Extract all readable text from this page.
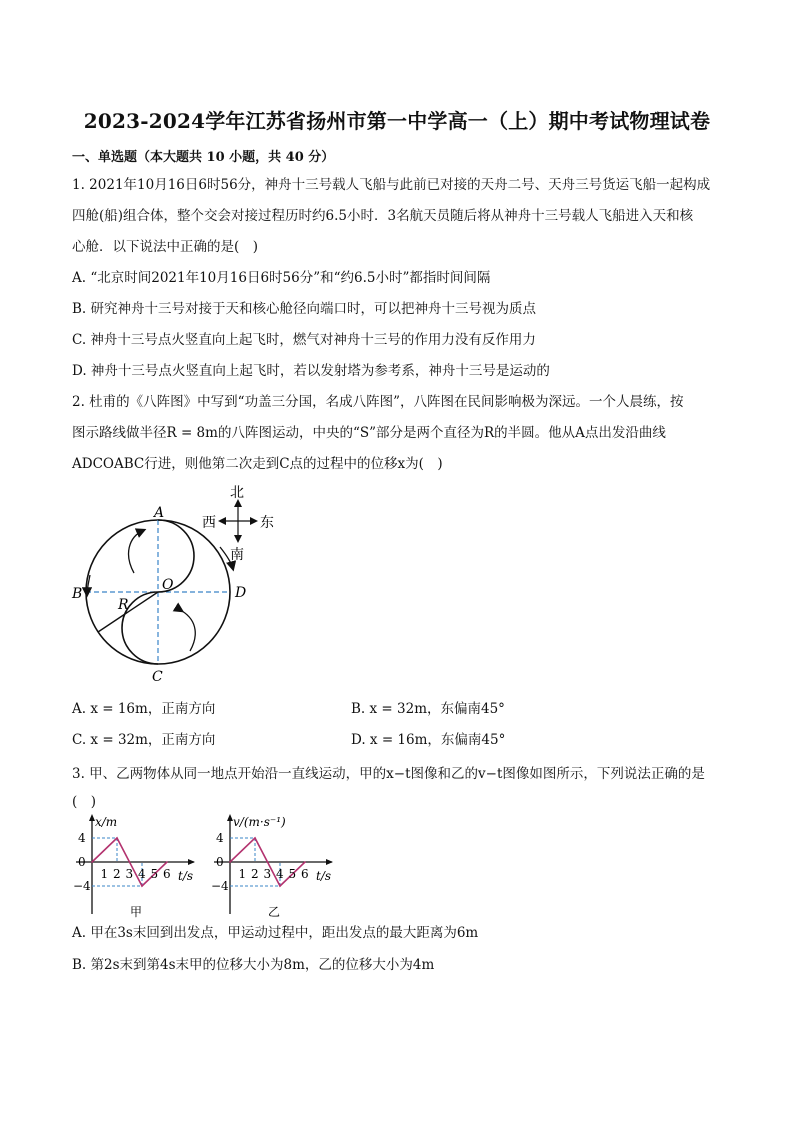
2023-2024学年江苏省扬州市第一中学高一（上）期中考试物理试卷
一、单选题（本大题共 10 小题，共 40 分）
1. 2021年10月16日6时56分，神舟十三号载人飞船与此前已对接的天舟二号、天舟三号货运飞船一起构成
四舱(船)组合体，整个交会对接过程历时约6.5小时．3名航天员随后将从神舟十三号载人飞船进入天和核
心舱．以下说法中正确的是(　)
A. “北京时间2021年10月16日6时56分”和“约6.5小时”都指时间间隔
B. 研究神舟十三号对接于天和核心舱径向端口时，可以把神舟十三号视为质点
C. 神舟十三号点火竖直向上起飞时，燃气对神舟十三号的作用力没有反作用力
D. 神舟十三号点火竖直向上起飞时，若以发射塔为参考系，神舟十三号是运动的
2. 杜甫的《八阵图》中写到“功盖三分国，名成八阵图”，八阵图在民间影响极为深远。一个人晨练，按
图示路线做半径R = 8m的八阵图运动，中央的“S”部分是两个直径为R的半圆。他从A点出发沿曲线
ADCOABC行进，则他第二次走到C点的过程中的位移x为(　)
A
B
C
D
O
R
北
西	东
南
A. x = 16m，正南方向	B. x = 32m，东偏南45°
C. x = 32m，正南方向	D. x = 16m，东偏南45°
3. 甲、乙两物体从同一地点开始沿一直线运动，甲的x−t图像和乙的v−t图像如图所示，下列说法正确的是
(　)
x/m
t/s
4
0
−4
1 2 3 4 5 6
甲
v/(m·s⁻¹)
t/s
4
0
−4
1 2 3 4 5 6
乙
A. 甲在3s末回到出发点，甲运动过程中，距出发点的最大距离为6m
B. 第2s末到第4s末甲的位移大小为8m，乙的位移大小为4m
